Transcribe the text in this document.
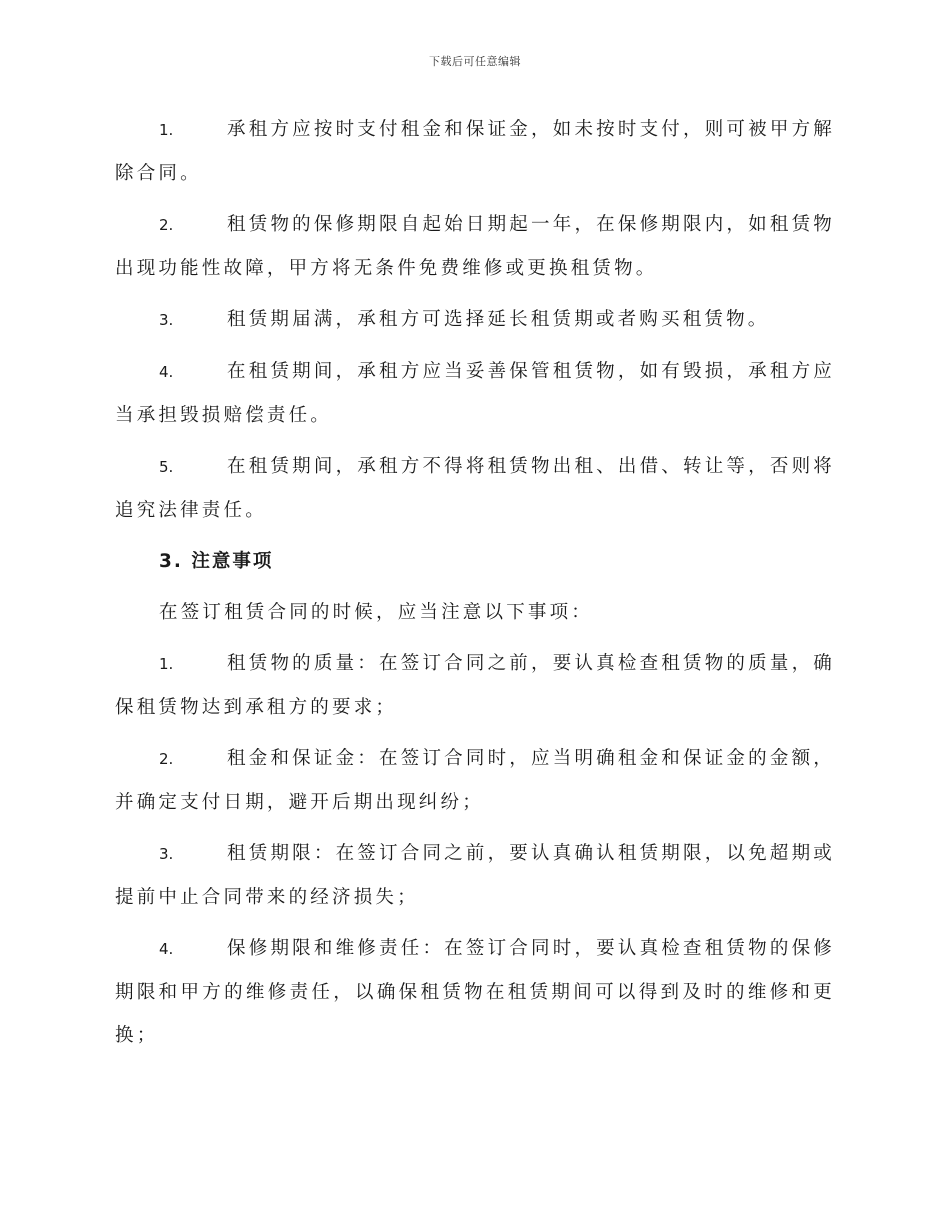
下载后可任意编辑

1.	承租方应按时支付租金和保证金，如未按时支付，则可被甲方解除合同。

2.	租赁物的保修期限自起始日期起一年，在保修期限内，如租赁物出现功能性故障，甲方将无条件免费维修或更换租赁物。

3.	租赁期届满，承租方可选择延长租赁期或者购买租赁物。

4.	在租赁期间，承租方应当妥善保管租赁物，如有毁损，承租方应当承担毁损赔偿责任。

5.	在租赁期间，承租方不得将租赁物出租、出借、转让等，否则将追究法律责任。

3. 注意事项

在签订租赁合同的时候，应当注意以下事项：

1.	租赁物的质量：在签订合同之前，要认真检查租赁物的质量，确保租赁物达到承租方的要求；

2.	租金和保证金：在签订合同时，应当明确租金和保证金的金额，并确定支付日期，避开后期出现纠纷；

3.	租赁期限：在签订合同之前，要认真确认租赁期限，以免超期或提前中止合同带来的经济损失；

4.	保修期限和维修责任：在签订合同时，要认真检查租赁物的保修期限和甲方的维修责任，以确保租赁物在租赁期间可以得到及时的维修和更换；
